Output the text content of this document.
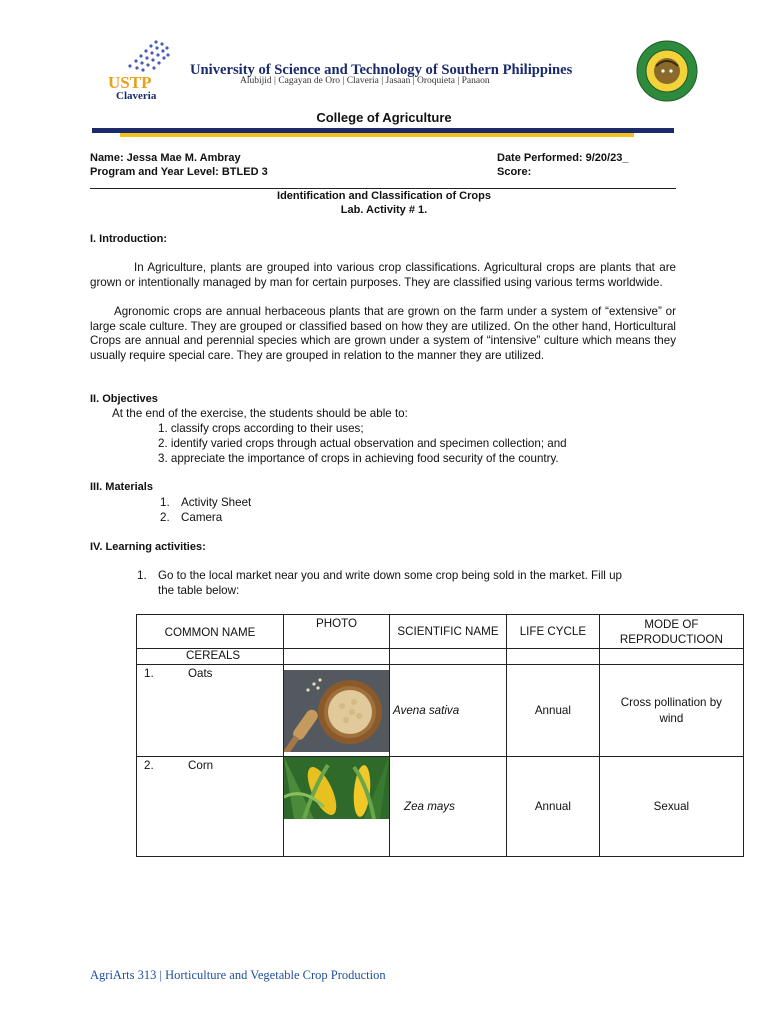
USTP
Claveria
University of Science and Technology of Southern Philippines
Alubijid | Cagayan de Oro | Claveria | Jasaan | Oroquieta | Panaon
College of Agriculture
Name: Jessa Mae M. Ambray
Program and Year Level: BTLED 3
Date Performed: 9/20/23_
Score:
Identification and Classification of Crops
Lab. Activity # 1.
I. Introduction:
In Agriculture, plants are grouped into various crop classifications. Agricultural crops are plants that are grown or intentionally managed by man for certain purposes. They are classified using various terms worldwide.
Agronomic crops are annual herbaceous plants that are grown on the farm under a system of “extensive” or large scale culture. They are grouped or classified based on how they are utilized. On the other hand, Horticultural Crops are annual and perennial species which are grown under a system of “intensive” culture which means they usually require special care. They are grouped in relation to the manner they are utilized.
II. Objectives
At the end of the exercise, the students should be able to:
1. classify crops according to their uses;
2. identify varied crops through actual observation and specimen collection; and
3. appreciate the importance of crops in achieving food security of the country.
III. Materials
1. Activity Sheet
2. Camera
IV. Learning activities:
1. Go to the local market near you and write down some crop being sold in the market. Fill up
the table below:
COMMON NAME	PHOTO	SCIENTIFIC NAME	LIFE CYCLE	MODE OF REPRODUCTIOON
CEREALS				
1. Oats		Avena sativa	Annual	Cross pollination by wind
2. Corn		Zea mays	Annual	Sexual
AgriArts 313 | Horticulture and Vegetable Crop Production
